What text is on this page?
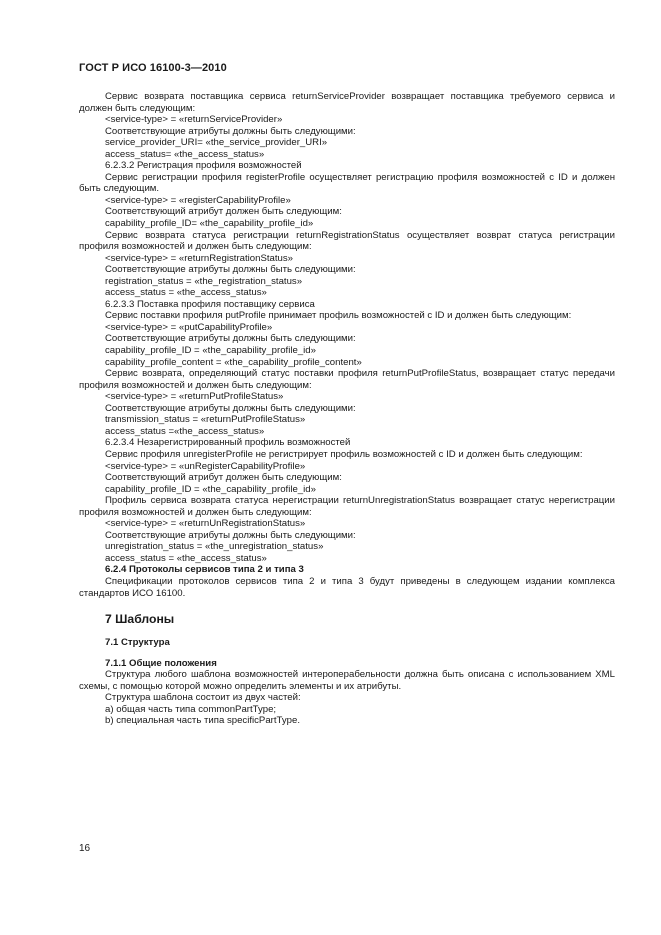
ГОСТ Р ИСО 16100-3—2010

Сервис возврата поставщика сервиса returnServiceProvider возвращает поставщика требуемого сервиса и должен быть следующим:

<service-type> = «returnServiceProvider»

Соответствующие атрибуты должны быть следующими:

service_provider_URI= «the_service_provider_URI»

access_status= «the_access_status»

6.2.3.2 Регистрация профиля возможностей

Сервис регистрации профиля registerProfile осуществляет регистрацию профиля возможностей с ID и должен быть следующим.

<service-type> = «registerCapabilityProfile»

Соответствующий атрибут должен быть следующим:

capability_profile_ID= «the_capability_profile_id»

Сервис возврата статуса регистрации returnRegistrationStatus осуществляет возврат статуса регистрации профиля возможностей и должен быть следующим:

<service-type> = «returnRegistrationStatus»

Соответствующие атрибуты должны быть следующими:

registration_status = «the_registration_status»

access_status = «the_access_status»

6.2.3.3 Поставка профиля поставщику сервиса

Сервис поставки профиля putProfile принимает профиль возможностей с ID и должен быть следующим:

<service-type> = «putCapabilityProfile»

Соответствующие атрибуты должны быть следующими:

capability_profile_ID = «the_capability_profile_id»

capability_profile_content = «the_capability_profile_content»

Сервис возврата, определяющий статус поставки профиля returnPutProfileStatus, возвращает статус передачи профиля возможностей и должен быть следующим:

<service-type> = «returnPutProfileStatus»

Соответствующие атрибуты должны быть следующими:

transmission_status = «returnPutProfileStatus»

access_status =«the_access_status»

6.2.3.4 Незарегистрированный профиль возможностей

Сервис профиля unregisterProfile не регистрирует профиль возможностей с ID и должен быть следующим:

<service-type> = «unRegisterCapabilityProfile»

Соответствующий атрибут должен быть следующим:

capability_profile_ID = «the_capability_profile_id»

Профиль сервиса возврата статуса нерегистрации returnUnregistrationStatus возвращает статус нерегистрации профиля возможностей и должен быть следующим:

<service-type> = «returnUnRegistrationStatus»

Соответствующие атрибуты должны быть следующими:

unregistration_status = «the_unregistration_status»

access_status = «the_access_status»

6.2.4 Протоколы сервисов типа 2 и типа 3

Спецификации протоколов сервисов типа 2 и типа 3 будут приведены в следующем издании комплекса стандартов ИСО 16100.

7 Шаблоны
7.1 Структура
7.1.1 Общие положения

Структура любого шаблона возможностей интероперабельности должна быть описана с использованием XML схемы, с помощью которой можно определить элементы и их атрибуты.

Структура шаблона состоит из двух частей:

а) общая часть типа commonPartType;

b) специальная часть типа specificPartType.

16
